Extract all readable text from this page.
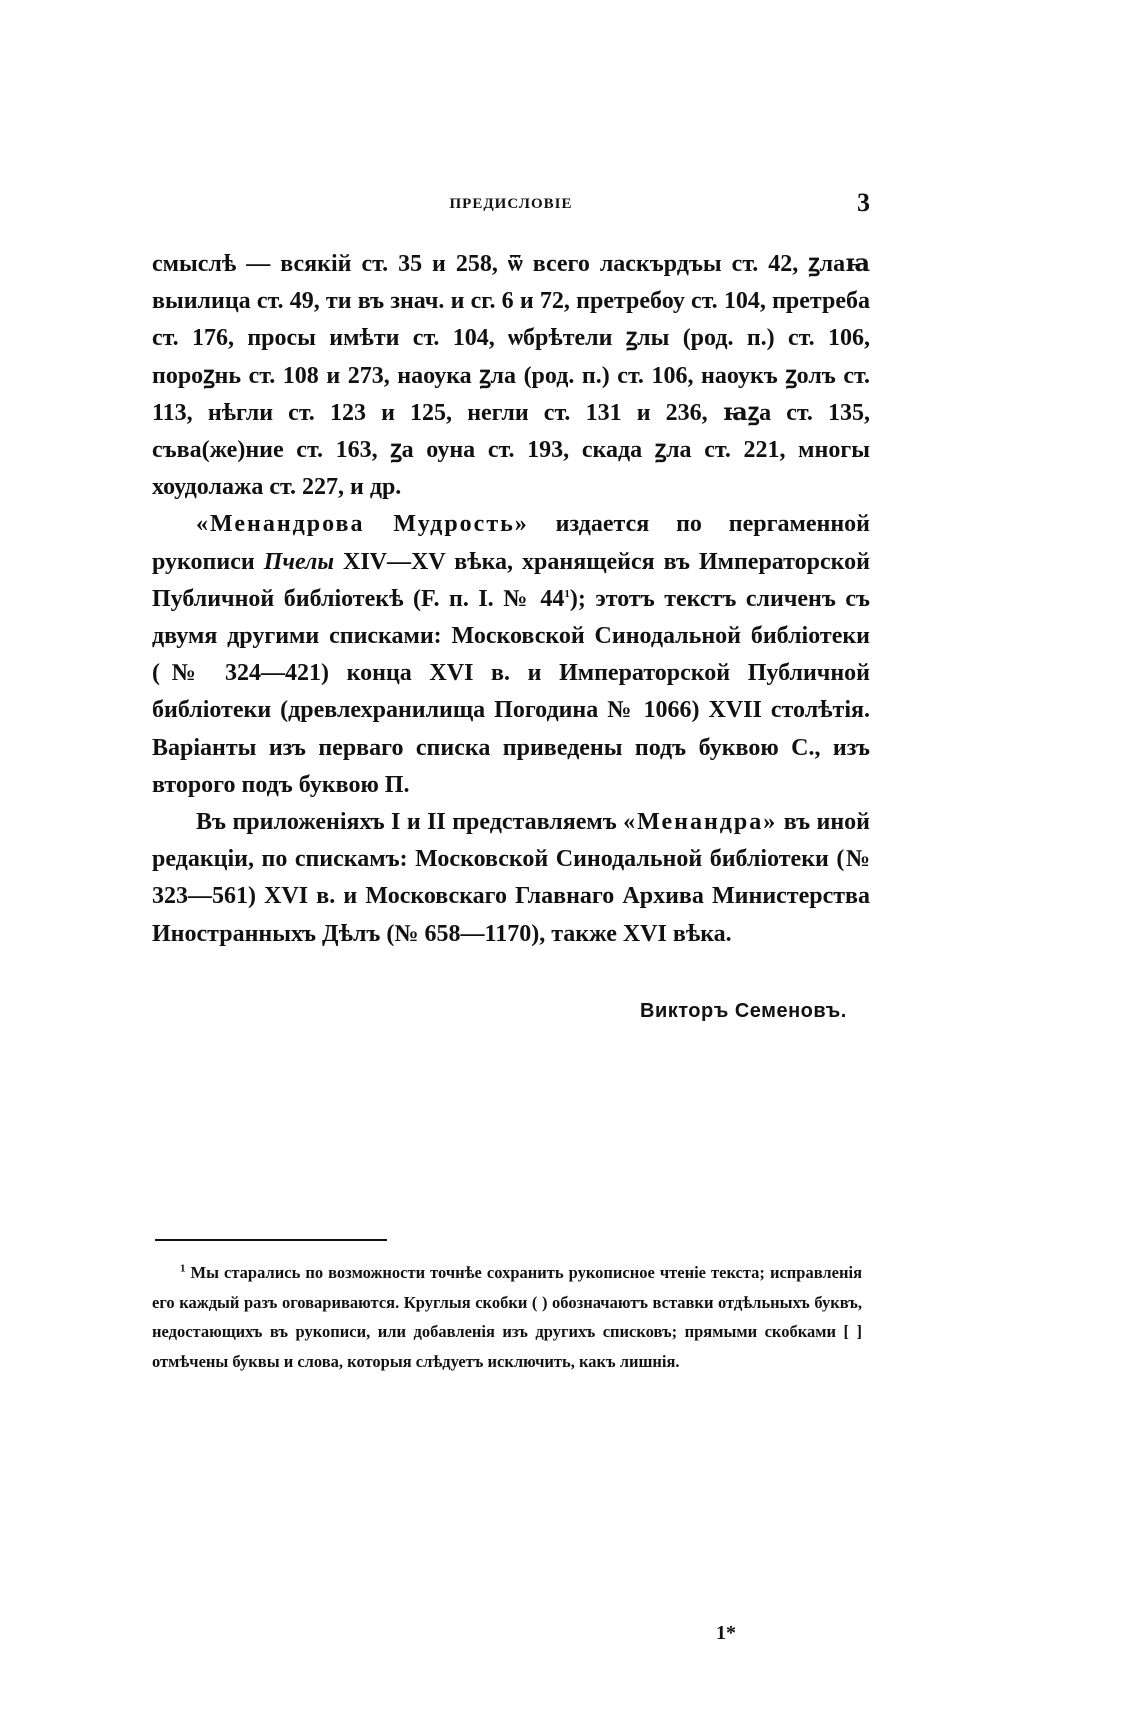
ПРЕДИСЛОВІЕ	3

смыслѣ — всякій ст. 35 и 258, ѿ всего ласкърдъы ст. 42, ꙁлаꙗ выилица ст. 49, ти въ знач. и сг. 6 и 72, претребоу ст. 104, претреба ст. 176, просы имѣти ст. 104, ѡбрѣтели ꙁлы (род. п.) ст. 106, пороꙁнь ст. 108 и 273, наоука ꙁла (род. п.) ст. 106, наоукъ ꙁолъ ст. 113, нѣгли ст. 123 и 125, негли ст. 131 и 236, ꙗꙁа ст. 135, съва(же)ние ст. 163, ꙁа оуна ст. 193, скада ꙁла ст. 221, многы хоудолажа ст. 227, и др.

«Менандрова Мудрость» издается по пергаменной рукописи Пчелы XIV—XV вѣка, хранящейся въ Императорской Публичной библіотекѣ (F. п. I. № 44$^1$); этотъ текстъ сличенъ съ двумя другими списками: Московской Синодальной библіотеки (№ 324—421) конца XVI в. и Императорской Публичной библіотеки (древлехранилища Погодина № 1066) XVII столѣтія. Варіанты изъ перваго списка приведены подъ буквою С., изъ второго подъ буквою П.

Въ приложеніяхъ I и II представляемъ «Менандра» въ иной редакціи, по спискамъ: Московской Синодальной библіотеки (№ 323—561) XVI в. и Московскаго Главнаго Архива Министерства Иностранныхъ Дѣлъ (№ 658—1170), также XVI вѣка.

Викторъ Семеновъ.

$^1$ Мы старались по возможности точнѣе сохранить рукописное чтеніе текста; исправленія его каждый разъ оговариваются. Круглыя скобки ( ) обозначаютъ вставки отдѣльныхъ буквъ, недостающихъ въ рукописи, или добавленія изъ другихъ списковъ; прямыми скобками [ ] отмѣчены буквы и слова, которыя слѣдуетъ исключить, какъ лишнія.

1*
